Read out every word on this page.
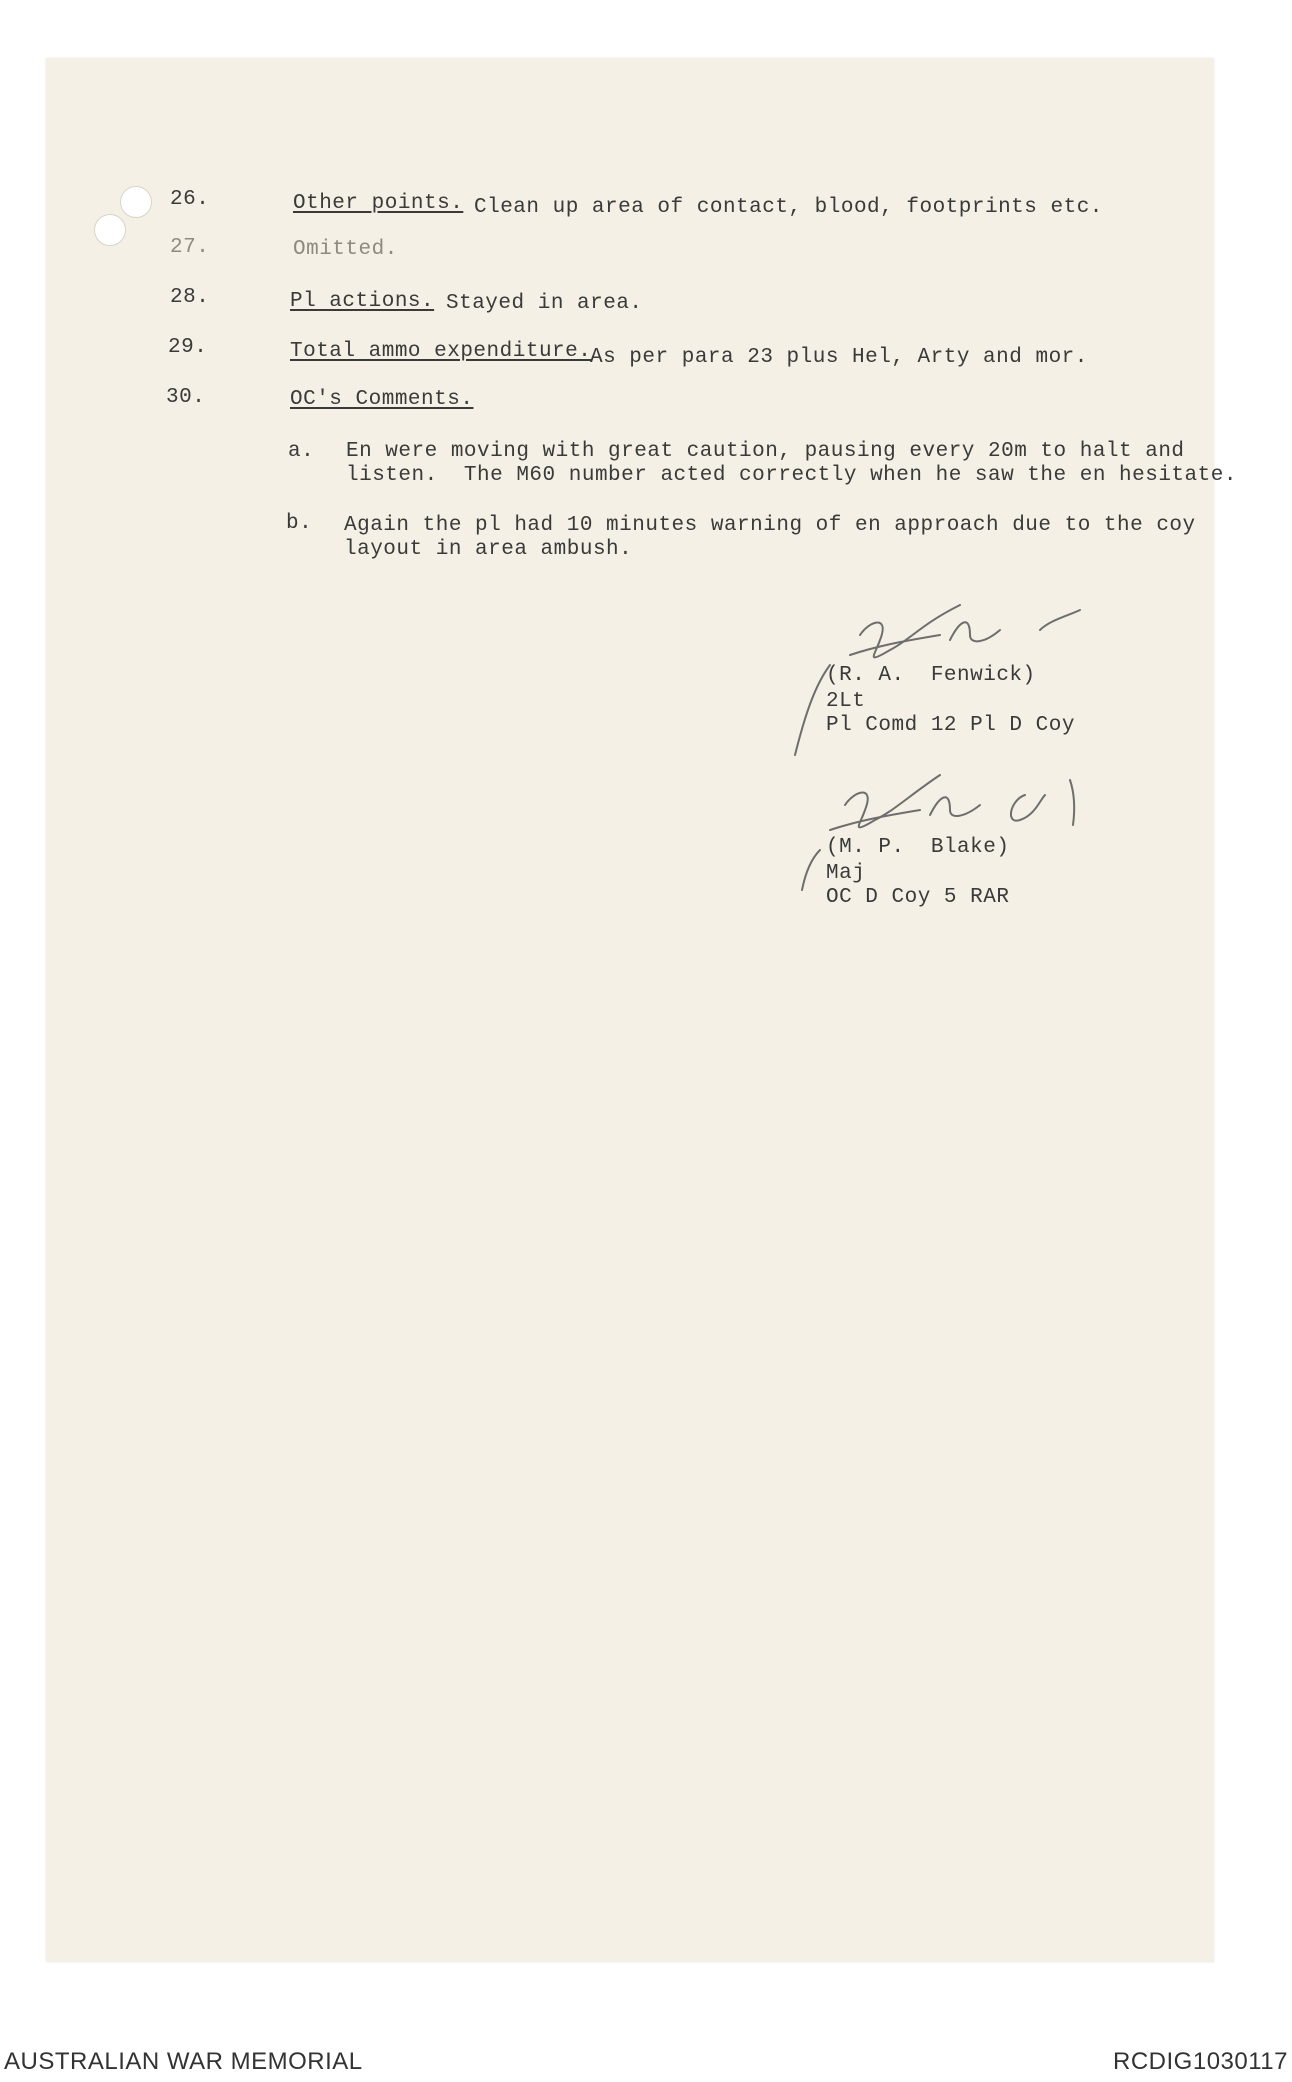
26.	Other points. Clean up area of contact, blood, footprints etc.
27.	Omitted.
28.	Pl actions. Stayed in area.
29.	Total ammo expenditure.
As per para 23 plus Hel, Arty and mor.
30.	OC's Comments.
a. En were moving with great caution, pausing every 20m to halt and
listen.  The M60 number acted correctly when he saw the en hesitate.
b. Again the pl had 10 minutes warning of en approach due to the coy
layout in area ambush.
(R. A.  Fenwick)
2Lt
Pl Comd 12 Pl D Coy
(M. P.  Blake)
Maj
OC D Coy 5 RAR
AUSTRALIAN WAR MEMORIAL	RCDIG1030117
